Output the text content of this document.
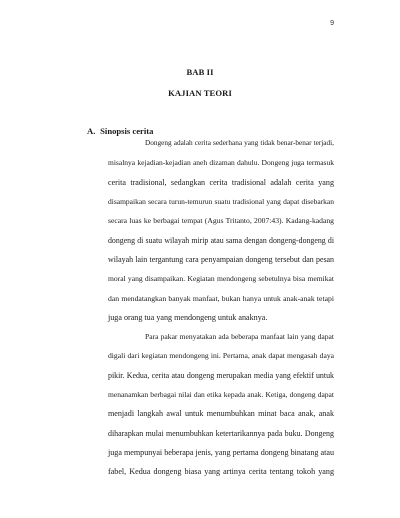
9
BAB II
KAJIAN TEORI
A. Sinopsis cerita
Dongeng adalah cerita sederhana yang tidak benar-benar terjadi,
misalnya kejadian-kejadian aneh dizaman dahulu. Dongeng juga termasuk
cerita tradisional, sedangkan cerita tradisional adalah cerita yang
disampaikan secara turun-temurun suatu tradisional yang dapat disebarkan
secara luas ke berbagai tempat (Agus Tritanto, 2007:43). Kadang-kadang
dongeng di suatu wilayah mirip atau sama dengan dongeng-dongeng di
wilayah lain tergantung cara penyampaian dongeng tersebut dan pesan
moral yang disampaikan. Kegiatan mendongeng sebetulnya bisa memikat
dan mendatangkan banyak manfaat, bukan hanya untuk anak-anak tetapi
juga orang tua yang mendongeng untuk anaknya.
Para pakar menyatakan ada beberapa manfaat lain yang dapat
digali dari kegiatan mendongeng ini. Pertama, anak dapat mengasah daya
pikir. Kedua, cerita atau dongeng merupakan media yang efektif untuk
menanamkan berbagai nilai dan etika kepada anak. Ketiga, dongeng dapat
menjadi langkah awal untuk menumbuhkan minat baca anak, anak
diharapkan mulai menumbuhkan ketertarikannya pada buku. Dongeng
juga mempunyai beberapa jenis, yang pertama dongeng binatang atau
fabel, Kedua dongeng biasa yang artinya cerita tentang tokoh yang
